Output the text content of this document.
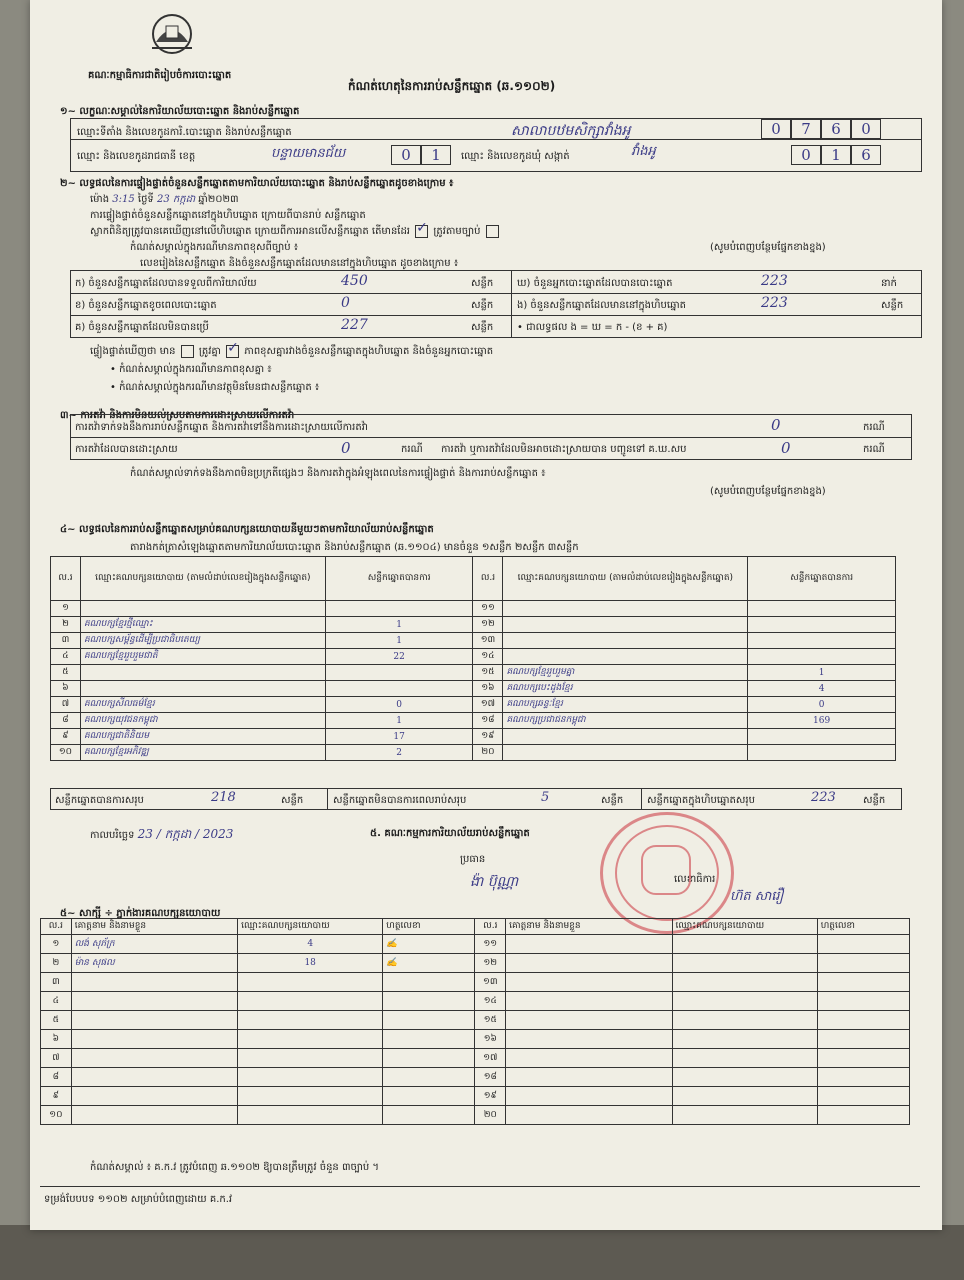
គណៈកម្មាធិការជាតិរៀបចំការបោះឆ្នោត
កំណត់ហេតុនៃការរាប់សន្លឹកឆ្នោត (ឆ.១១០២)
១~ លក្ខណៈសម្គាល់នៃការិយាល័យបោះឆ្នោត និងរាប់សន្លឹកឆ្នោត
ឈ្មោះទីតាំង និងលេខកូដការិ.បោះឆ្នោត និងរាប់សន្លឹកឆ្នោត	សាលាបឋមសិក្សាវាំងអូ	0 7 6 0
ឈ្មោះ និងលេខកូដរាជធានី ខេត្ត	បន្ទាយមានជ័យ	0 1	ឈ្មោះ និងលេខកូដឃុំ សង្កាត់	វាំងអូ	0 1 6
២~ លទ្ធផលនៃការផ្ទៀងផ្ទាត់ចំនួនសន្លឹកឆ្នោតតាមការិយាល័យបោះឆ្នោត និងរាប់សន្លឹកឆ្នោតដូចខាងក្រោម ៖
ម៉ោង 3:15 ថ្ងៃទី 23 កក្កដា ឆ្នាំ២០២៣
ការផ្ទៀងផ្ទាត់ចំនួនសន្លឹកឆ្នោតនៅក្នុងហិបឆ្នោត ក្រោយពីបានរាប់ សន្លឹកឆ្នោត
ស្លាកពិនិត្យត្រូវបានគេឃើញនៅលើហិបឆ្នោត ក្រោយពីការអានលើសន្លឹកឆ្នោត តើមានដែរ ✓ ត្រូវតាមច្បាប់
កំណត់សម្គាល់ក្នុងករណីមានភាពខុសពីច្បាប់ ៖	(សូមបំពេញបន្ថែមផ្នែកខាងខ្នង)
លេខរៀងនៃសន្លឹកឆ្នោត និងចំនួនសន្លឹកឆ្នោតដែលមាននៅក្នុងហិបឆ្នោត ដូចខាងក្រោម ៖
ក) ចំនួនសន្លឹកឆ្នោតដែលបានទទួលពីការិយាល័យ	450	សន្លឹក ឃ) ចំនួនអ្នកបោះឆ្នោតដែលបានបោះឆ្នោត	223	នាក់
ខ) ចំនួនសន្លឹកឆ្នោតខូចពេលបោះឆ្នោត	0	សន្លឹក ង) ចំនួនសន្លឹកឆ្នោតដែលមាននៅក្នុងហិបឆ្នោត	223	សន្លឹក
គ) ចំនួនសន្លឹកឆ្នោតដែលមិនបានប្រើ	227	សន្លឹក • ជាលទ្ធផល ង = ឃ = ក - (ខ + គ)
ផ្ទៀងផ្ទាត់ឃើញថា មាន ត្រូវគ្នា ✓ ភាពខុសគ្នារវាងចំនួនសន្លឹកឆ្នោតក្នុងហិបឆ្នោត និងចំនួនអ្នកបោះឆ្នោត
• កំណត់សម្គាល់ក្នុងករណីមានភាពខុសគ្នា ៖
• កំណត់សម្គាល់ក្នុងករណីមានវត្ថុមិនមែនជាសន្លឹកឆ្នោត ៖
៣~ ការតវ៉ា និងការមិនយល់ស្របតាមការដោះស្រាយលើការតវ៉ា
ការតវ៉ាទាក់ទងនឹងការរាប់សន្លឹកឆ្នោត និងការតវ៉ាទៅនឹងការដោះស្រាយលើការតវ៉ា	0	ករណី
ការតវ៉ាដែលបានដោះស្រាយ	0	ករណី ការតវ៉ា ឬការតវ៉ាដែលមិនអាចដោះស្រាយបាន បញ្ជូនទៅ គ.ឃ.សប	0	ករណី
កំណត់សម្គាល់ទាក់ទងនឹងភាពមិនប្រក្រតីផ្សេងៗ និងការតវ៉ាក្នុងអំឡុងពេលនៃការផ្ទៀងផ្ទាត់ និងការរាប់សន្លឹកឆ្នោត ៖
(សូមបំពេញបន្ថែមផ្នែកខាងខ្នង)
៤~ លទ្ធផលនៃការរាប់សន្លឹកឆ្នោតសម្រាប់គណបក្សនយោបាយនីមួយៗតាមការិយាល័យរាប់សន្លឹកឆ្នោត
តារាងកត់ត្រាសំឡេងឆ្នោតតាមការិយាល័យបោះឆ្នោត និងរាប់សន្លឹកឆ្នោត (ឆ.១១០៤) មានចំនួន ១សន្លឹក ២សន្លឹក ៣សន្លឹក
ល.រ	ឈ្មោះគណបក្សនយោបាយ (តាមលំដាប់លេខរៀងក្នុងសន្លឹកឆ្នោត)	សន្លឹកឆ្នោតបានការ	ល.រ	ឈ្មោះគណបក្សនយោបាយ (តាមលំដាប់លេខរៀងក្នុងសន្លឹកឆ្នោត)	សន្លឹកឆ្នោតបានការ
១			១១		
២	គណបក្សខ្មែរថ្មីឈ្មោះ	1	១២		
៣	គណបក្សសម្ព័ន្ធដើម្បីប្រជាធិបតេយ្យ	1	១៣		
៤	គណបក្សខ្មែររួបរួមជាតិ	22	១៤		
៥			១៥	គណបក្សខ្មែររួបរួមគ្នា	1
៦			១៦	គណបក្សបេះដូងខ្មែរ	4
៧	គណបក្សសីលធម៌ខ្មែរ	0	១៧	គណបក្សឆន្ទៈខ្មែរ	0
៨	គណបក្សយុវជនកម្ពុជា	1	១៨	គណបក្សប្រជាជនកម្ពុជា	169
៩	គណបក្សជាតិនិយម	17	១៩		
១០	គណបក្សខ្មែរអភិវឌ្ឍ	2	២០		
សន្លឹកឆ្នោតបានការសរុប	218	សន្លឹក	សន្លឹកឆ្នោតមិនបានការពេលរាប់សរុប	5	សន្លឹក សន្លឹកឆ្នោតក្នុងហិបឆ្នោតសរុប	223	សន្លឹក
កាលបរិច្ឆេទ 23 / កក្កដា / 2023	៥. គណៈកម្មការការិយាល័យរាប់សន្លឹកឆ្នោត
ប្រធាន
ង៉ា ប៊ុណ្ណា	លេខាធិការ
ហ៊ត សារឿ
៥~ សាក្សី ÷ ភ្នាក់ងារគណបក្សនយោបាយ
ល.រ	គោត្តនាម និងនាមខ្លួន	ឈ្មោះគណបក្សនយោបាយ	ហត្ថលេខា	ល.រ	គោត្តនាម និងនាមខ្លួន	ឈ្មោះគណបក្សនយោបាយ	ហត្ថលេខា
១	លង់ សុភ័ក្រ	4	✍	១១			
២	ម៉ាន សុផល	18	✍	១២			
៣				១៣			
៤				១៤			
៥				១៥			
៦				១៦			
៧				១៧			
៨				១៨			
៩				១៩			
១០				២០			
កំណត់សម្គាល់ ៖ គ.ក.វ ត្រូវបំពេញ ឆ.១១០២ ឱ្យបានត្រឹមត្រូវ ចំនួន ៣ច្បាប់ ។
ទម្រង់បែបបទ ១១០២ សម្រាប់បំពេញដោយ គ.ក.វ
